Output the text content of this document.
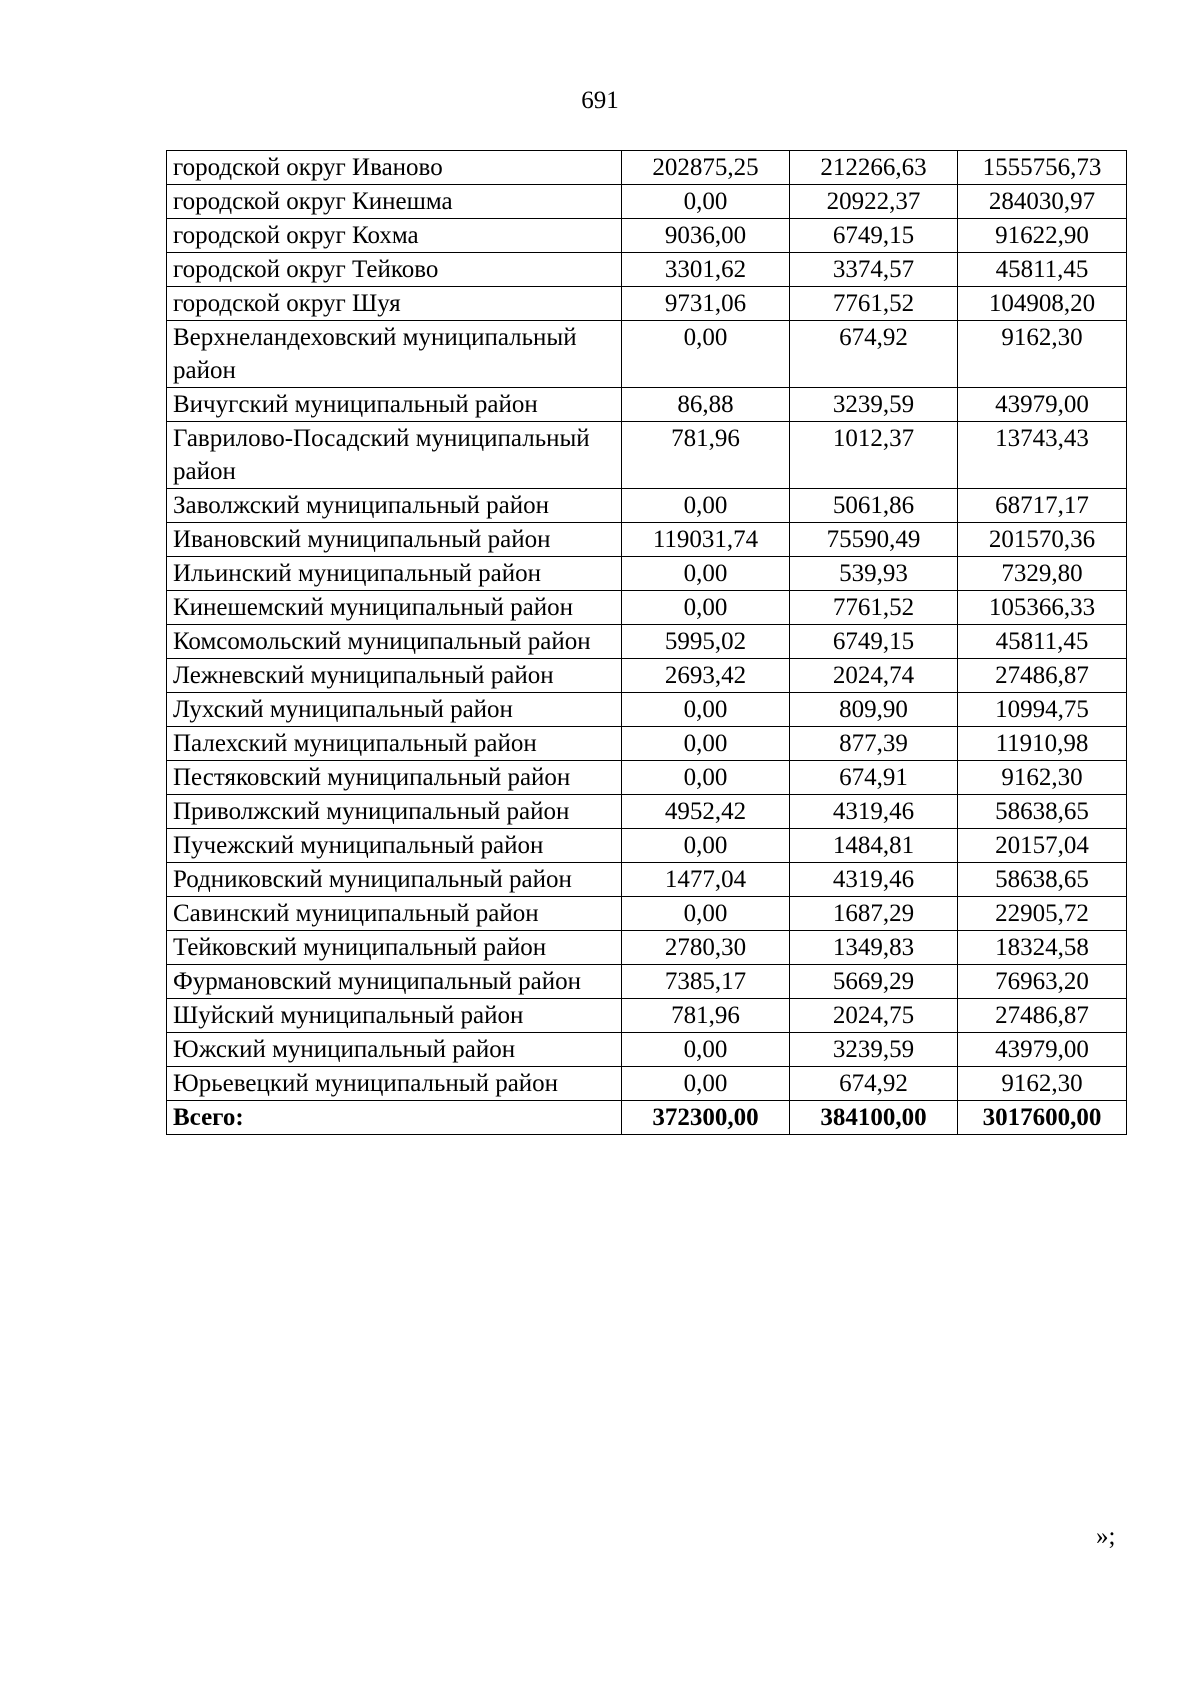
691
городской округ Иваново	202875,25	212266,63	1555756,73
городской округ Кинешма	0,00	20922,37	284030,97
городской округ Кохма	9036,00	6749,15	91622,90
городской округ Тейково	3301,62	3374,57	45811,45
городской округ Шуя	9731,06	7761,52	104908,20
Верхнеландеховский муниципальный район	0,00	674,92	9162,30
Вичугский муниципальный район	86,88	3239,59	43979,00
Гаврилово-Посадский муниципальный район	781,96	1012,37	13743,43
Заволжский муниципальный район	0,00	5061,86	68717,17
Ивановский муниципальный район	119031,74	75590,49	201570,36
Ильинский муниципальный район	0,00	539,93	7329,80
Кинешемский муниципальный район	0,00	7761,52	105366,33
Комсомольский муниципальный район	5995,02	6749,15	45811,45
Лежневский муниципальный район	2693,42	2024,74	27486,87
Лухский муниципальный район	0,00	809,90	10994,75
Палехский муниципальный район	0,00	877,39	11910,98
Пестяковский муниципальный район	0,00	674,91	9162,30
Приволжский муниципальный район	4952,42	4319,46	58638,65
Пучежский муниципальный район	0,00	1484,81	20157,04
Родниковский муниципальный район	1477,04	4319,46	58638,65
Савинский муниципальный район	0,00	1687,29	22905,72
Тейковский муниципальный район	2780,30	1349,83	18324,58
Фурмановский муниципальный район	7385,17	5669,29	76963,20
Шуйский муниципальный район	781,96	2024,75	27486,87
Южский муниципальный район	0,00	3239,59	43979,00
Юрьевецкий муниципальный район	0,00	674,92	9162,30
Всего:	372300,00	384100,00	3017600,00
»;
